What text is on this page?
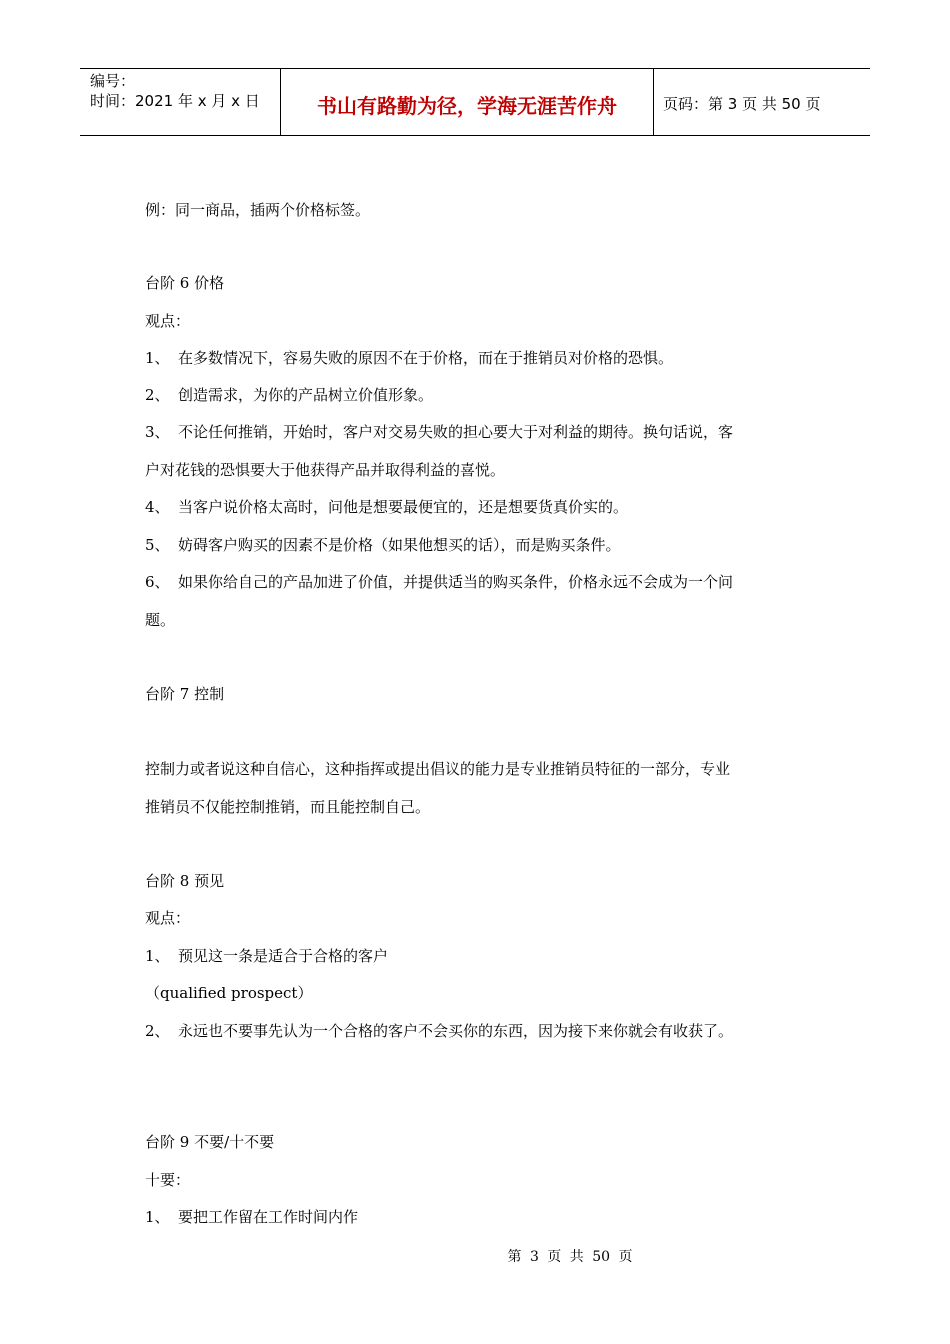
编号：
时间：2021 年 x 月 x 日	书山有路勤为径，学海无涯苦作舟	页码：第 3 页 共 50 页
例：同一商品，插两个价格标签。
台阶 6 价格
观点：
1、 在多数情况下，容易失败的原因不在于价格，而在于推销员对价格的恐惧。
2、 创造需求，为你的产品树立价值形象。
3、 不论任何推销，开始时，客户对交易失败的担心要大于对利益的期待。换句话说，客
户对花钱的恐惧要大于他获得产品并取得利益的喜悦。
4、 当客户说价格太高时，问他是想要最便宜的，还是想要货真价实的。
5、 妨碍客户购买的因素不是价格（如果他想买的话），而是购买条件。
6、 如果你给自己的产品加进了价值，并提供适当的购买条件，价格永远不会成为一个问
题。
台阶 7 控制
控制力或者说这种自信心，这种指挥或提出倡议的能力是专业推销员特征的一部分，专业
推销员不仅能控制推销，而且能控制自己。
台阶 8 预见
观点：
1、 预见这一条是适合于合格的客户
（qualified prospect）
2、 永远也不要事先认为一个合格的客户不会买你的东西，因为接下来你就会有收获了。
台阶 9 不要/十不要
十要：
1、 要把工作留在工作时间内作
第 3 页 共 50 页
